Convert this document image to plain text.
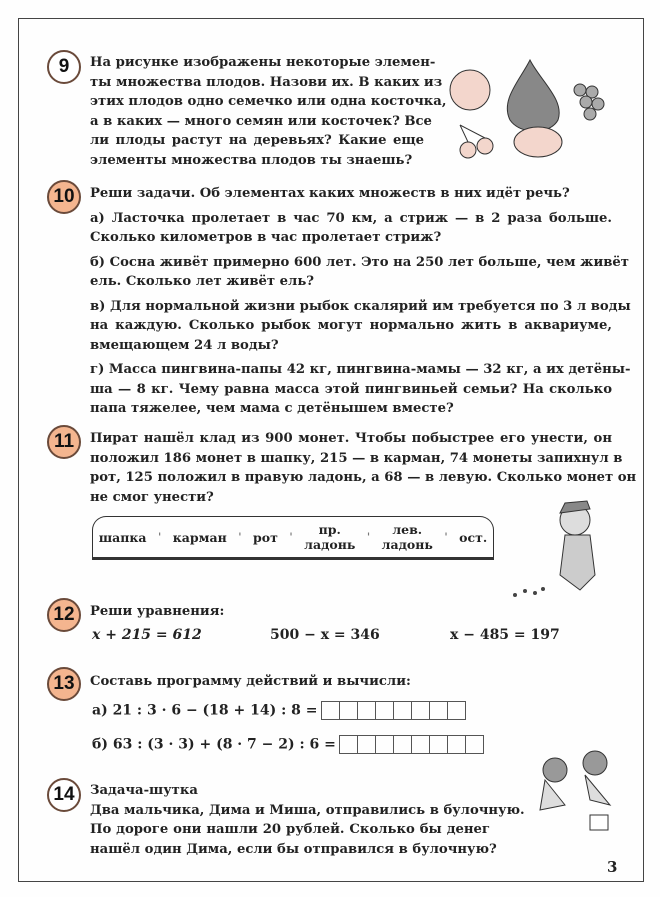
9	На рисунке изображены некоторые элемен-
ты множества плодов. Назови их. В каких из
этих плодов одно семечко или одна косточка,
а в каких — много семян или косточек? Все
ли плоды растут на деревьях? Какие еще
элементы множества плодов ты знаешь?
10	Реши задачи. Об элементах каких множеств в них идёт речь?
а) Ласточка пролетает в час 70 км, а стриж — в 2 раза больше.
Сколько километров в час пролетает стриж?
б) Сосна живёт примерно 600 лет. Это на 250 лет больше, чем живёт
ель. Сколько лет живёт ель?
в) Для нормальной жизни рыбок скалярий им требуется по 3 л воды
на каждую. Сколько рыбок могут нормально жить в аквариуме,
вмещающем 24 л воды?
г) Масса пингвина-папы 42 кг, пингвина-мамы — 32 кг, а их детёны-
ша — 8 кг. Чему равна масса этой пингвиньей семьи? На сколько
папа тяжелее, чем мама с детёнышем вместе?
11	Пират нашёл клад из 900 монет. Чтобы побыстрее его унести, он
положил 186 монет в шапку, 215 — в карман, 74 монеты запихнул в
рот, 125 положил в правую ладонь, а 68 — в левую. Сколько монет он
не смог унести?
шапка ˈ карман ˈ рот ˈ	пр.
ладонь ˈ	лев.
ладонь ˈ ост.
12	Реши уравнения:
x + 215 = 612	500 − x = 346	x − 485 = 197
13	Составь программу действий и вычисли:
а) 21 : 3 · 6 − (18 + 14) : 8 =
б) 63 : (3 · 3) + (8 · 7 − 2) : 6 =
14	Задача-шутка
Два мальчика, Дима и Миша, отправились в булочную.
По дороге они нашли 20 рублей. Сколько бы денег
нашёл один Дима, если бы отправился в булочную?
3
